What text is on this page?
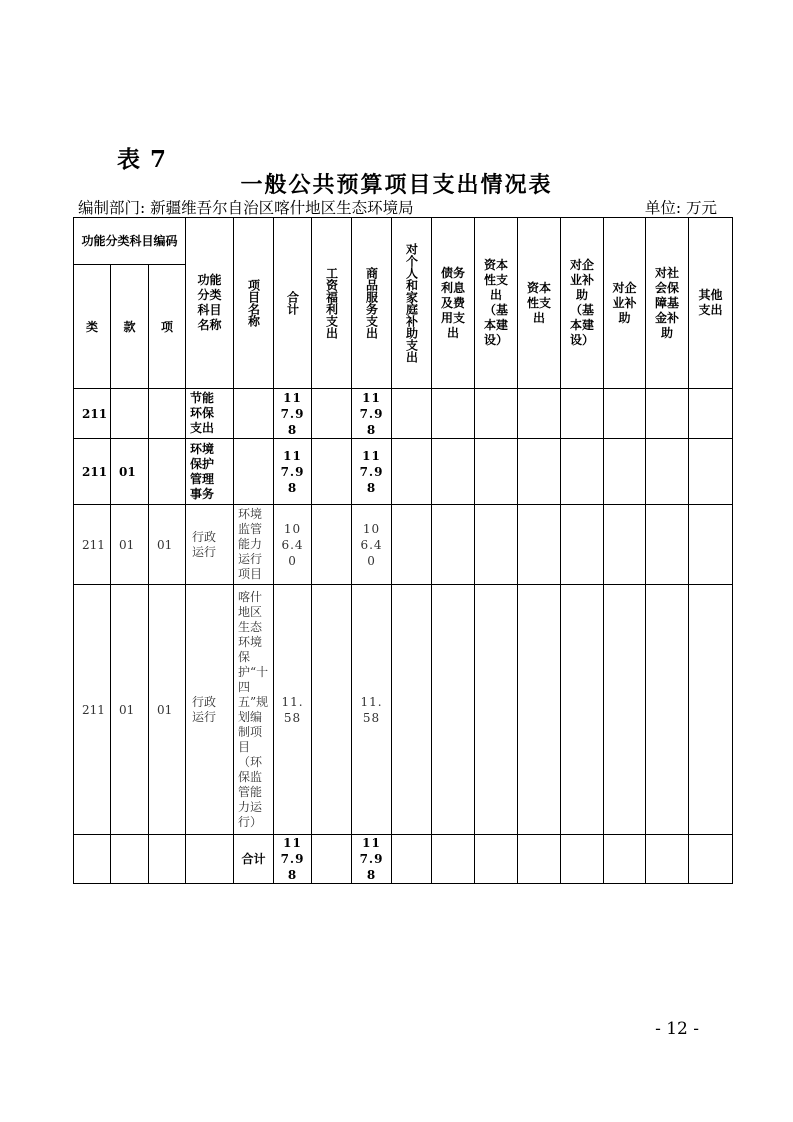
表 7
一般公共预算项目支出情况表
编制部门: 新疆维吾尔自治区喀什地区生态环境局	单位: 万元
功能分类科目编码			功能分类科目名称	项目名称	合计	工资福利支出	商品服务支出	对个人和家庭补助支出	债务利息及费用支出	资本性支出（基本建设）	资本性支出	对企业补助（基本建设）	对企业补助	对社会保障基金补助	其他支出
类	款	项													
211			节能环保支出		117.98		117.98								
211	01		环境保护管理事务		117.98		117.98								
211	01	01	行政运行	环境监管能力运行项目	106.40		106.40								
211	01	01	行政运行	喀什地区生态环境保护“十四五”规划编制项目（环保监管能力运行）	11.58		11.58								
				合计	117.98		117.98								
- 12 -
